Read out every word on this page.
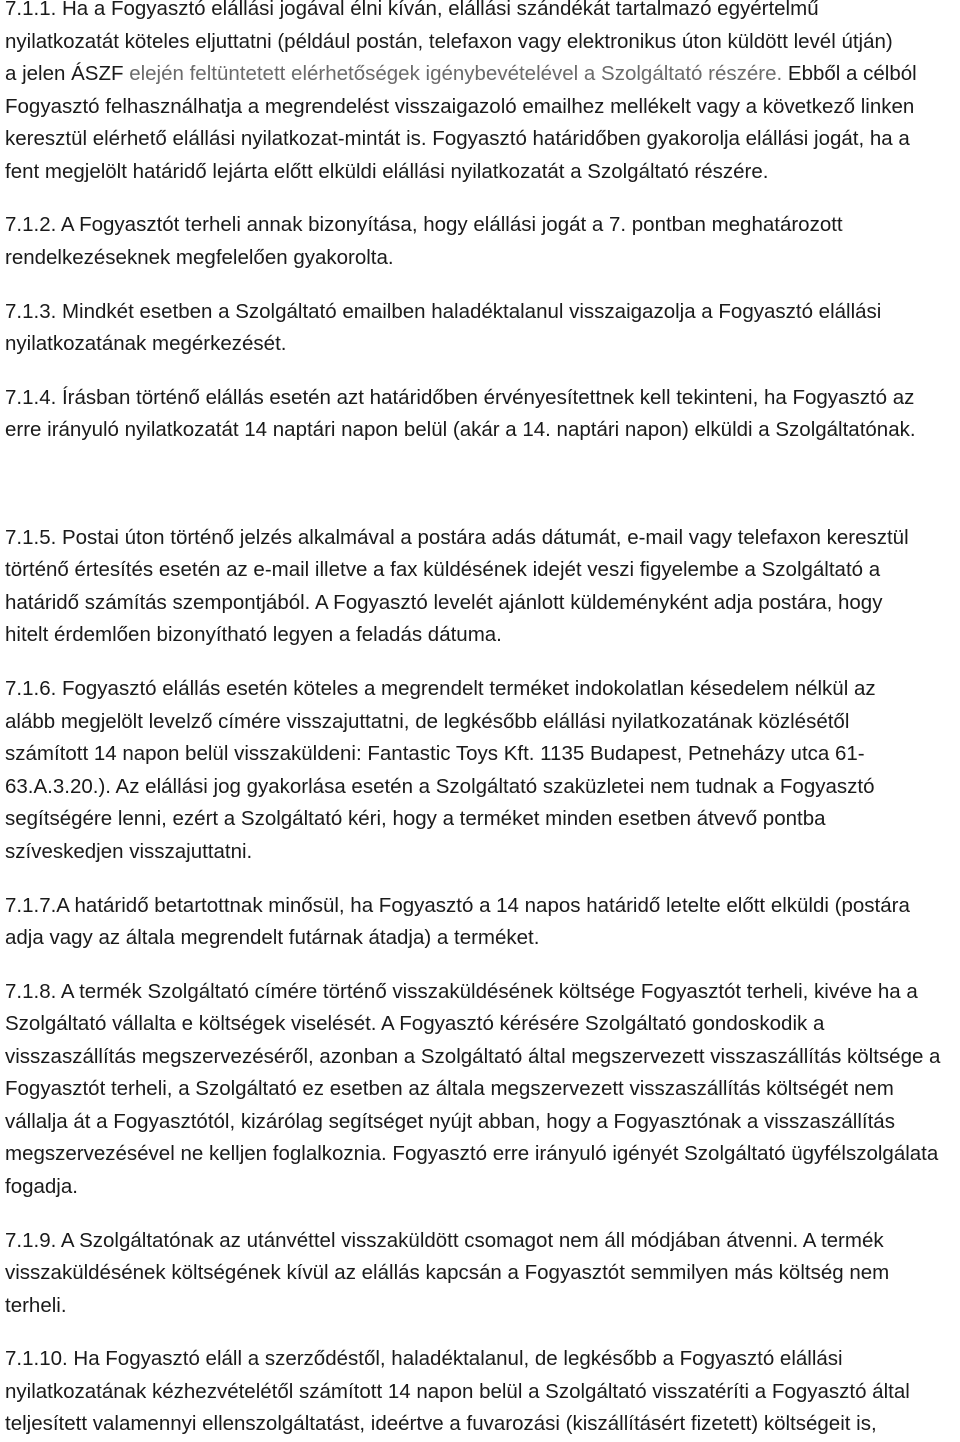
7.1.1. Ha a Fogyasztó elállási jogával élni kíván, elállási szándékát tartalmazó egyértelmű
nyilatkozatát köteles eljuttatni (például postán, telefaxon vagy elektronikus úton küldött levél útján)
a jelen ÁSZF elején feltüntetett elérhetőségek igénybevételével a Szolgáltató részére. Ebből a célból
Fogyasztó felhasználhatja a megrendelést visszaigazoló emailhez mellékelt vagy a következő linken
keresztül elérhető elállási nyilatkozat-mintát is. Fogyasztó határidőben gyakorolja elállási jogát, ha a
fent megjelölt határidő lejárta előtt elküldi elállási nyilatkozatát a Szolgáltató részére.
7.1.2. A Fogyasztót terheli annak bizonyítása, hogy elállási jogát a 7. pontban meghatározott
rendelkezéseknek megfelelően gyakorolta.
7.1.3. Mindkét esetben a Szolgáltató emailben haladéktalanul visszaigazolja a Fogyasztó elállási
nyilatkozatának megérkezését.
7.1.4. Írásban történő elállás esetén azt határidőben érvényesítettnek kell tekinteni, ha Fogyasztó az
erre irányuló nyilatkozatát 14 naptári napon belül (akár a 14. naptári napon) elküldi a Szolgáltatónak.
7.1.5. Postai úton történő jelzés alkalmával a postára adás dátumát, e-mail vagy telefaxon keresztül
történő értesítés esetén az e-mail illetve a fax küldésének idejét veszi figyelembe a Szolgáltató a
határidő számítás szempontjából. A Fogyasztó levelét ajánlott küldeményként adja postára, hogy
hitelt érdemlően bizonyítható legyen a feladás dátuma.
7.1.6. Fogyasztó elállás esetén köteles a megrendelt terméket indokolatlan késedelem nélkül az
alább megjelölt levelző címére visszajuttatni, de legkésőbb elállási nyilatkozatának közlésétől
számított 14 napon belül visszaküldeni: Fantastic Toys Kft. 1135 Budapest, Petneházy utca 61-
63.A.3.20.). Az elállási jog gyakorlása esetén a Szolgáltató szaküzletei nem tudnak a Fogyasztó
segítségére lenni, ezért a Szolgáltató kéri, hogy a terméket minden esetben átvevő pontba
szíveskedjen visszajuttatni.
7.1.7.A határidő betartottnak minősül, ha Fogyasztó a 14 napos határidő letelte előtt elküldi (postára
adja vagy az általa megrendelt futárnak átadja) a terméket.
7.1.8. A termék Szolgáltató címére történő visszaküldésének költsége Fogyasztót terheli, kivéve ha a
Szolgáltató vállalta e költségek viselését. A Fogyasztó kérésére Szolgáltató gondoskodik a
visszaszállítás megszervezéséről, azonban a Szolgáltató által megszervezett visszaszállítás költsége a
Fogyasztót terheli, a Szolgáltató ez esetben az általa megszervezett visszaszállítás költségét nem
vállalja át a Fogyasztótól, kizárólag segítséget nyújt abban, hogy a Fogyasztónak a visszaszállítás
megszervezésével ne kelljen foglalkoznia. Fogyasztó erre irányuló igényét Szolgáltató ügyfélszolgálata
fogadja.
7.1.9. A Szolgáltatónak az utánvéttel visszaküldött csomagot nem áll módjában átvenni. A termék
visszaküldésének költségének kívül az elállás kapcsán a Fogyasztót semmilyen más költség nem
terheli.
7.1.10. Ha Fogyasztó eláll a szerződéstől, haladéktalanul, de legkésőbb a Fogyasztó elállási
nyilatkozatának kézhezvételétől számított 14 napon belül a Szolgáltató visszatéríti a Fogyasztó által
teljesített valamennyi ellenszolgáltatást, ideértve a fuvarozási (kiszállításért fizetett) költségeit is,
